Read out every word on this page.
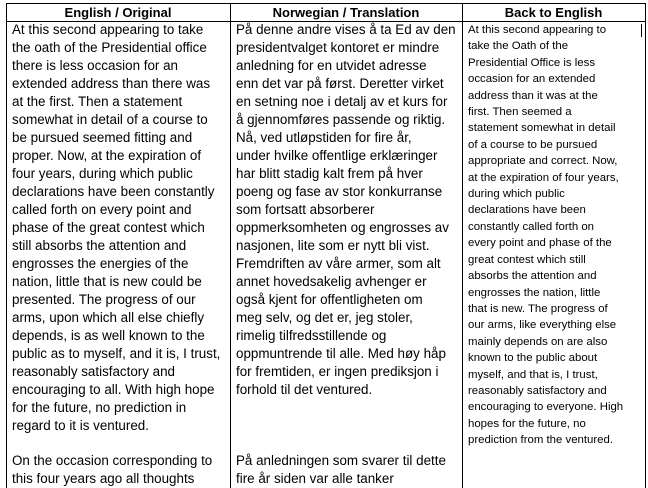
English / Original	Norwegian / Translation	Back to English
At this second appearing to take
the oath of the Presidential office
there is less occasion for an
extended address than there was
at the first. Then a statement
somewhat in detail of a course to
be pursued seemed fitting and
proper. Now, at the expiration of
four years, during which public
declarations have been constantly
called forth on every point and
phase of the great contest which
still absorbs the attention and
engrosses the energies of the
nation, little that is new could be
presented. The progress of our
arms, upon which all else chiefly
depends, is as well known to the
public as to myself, and it is, I trust,
reasonably satisfactory and
encouraging to all. With high hope
for the future, no prediction in
regard to it is ventured.
På denne andre vises å ta Ed av den
presidentvalget kontoret er mindre
anledning for en utvidet adresse
enn det var på først. Deretter virket
en setning noe i detalj av et kurs for
å gjennomføres passende og riktig.
Nå, ved utløpstiden for fire år,
under hvilke offentlige erklæringer
har blitt stadig kalt frem på hver
poeng og fase av stor konkurranse
som fortsatt absorberer
oppmerksomheten og engrosses av
nasjonen, lite som er nytt bli vist.
Fremdriften av våre armer, som alt
annet hovedsakelig avhenger er
også kjent for offentligheten om
meg selv, og det er, jeg stoler,
rimelig tilfredsstillende og
oppmuntrende til alle. Med høy håp
for fremtiden, er ingen prediksjon i
forhold til det ventured.
At this second appearing to
take the Oath of the
Presidential Office is less
occasion for an extended
address than it was at the
first. Then seemed a
statement somewhat in detail
of a course to be pursued
appropriate and correct. Now,
at the expiration of four years,
during which public
declarations have been
constantly called forth on
every point and phase of the
great contest which still
absorbs the attention and
engrosses the nation, little
that is new. The progress of
our arms, like everything else
mainly depends on are also
known to the public about
myself, and that is, I trust,
reasonably satisfactory and
encouraging to everyone. High
hopes for the future, no
prediction from the ventured.
On the occasion corresponding to
this four years ago all thoughts
På anledningen som svarer til dette
fire år siden var alle tanker
